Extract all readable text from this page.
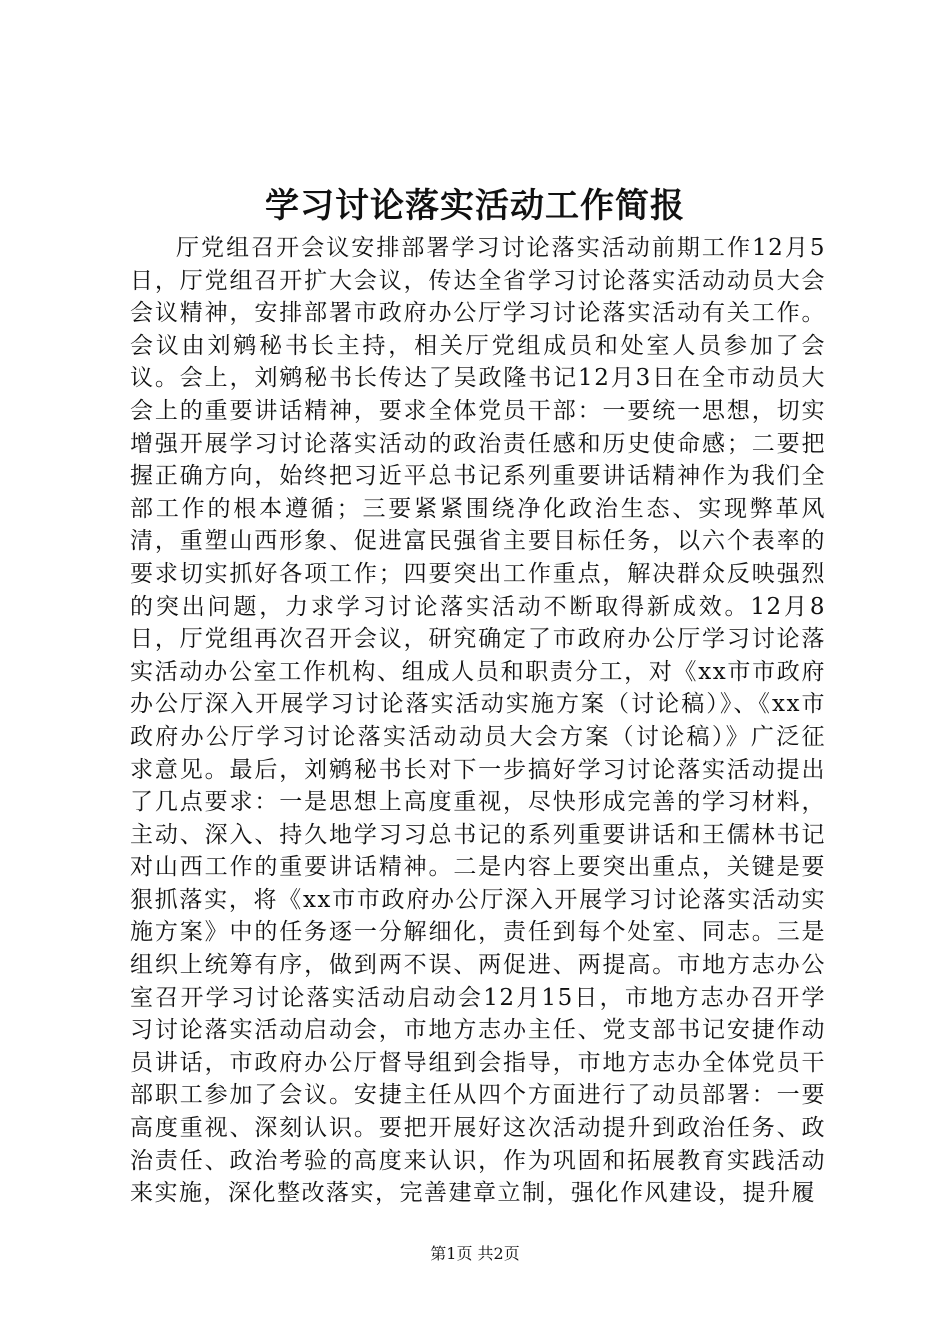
学习讨论落实活动工作简报
厅党组召开会议安排部署学习讨论落实活动前期工作12月5日，厅党组召开扩大会议，传达全省学习讨论落实活动动员大会会议精神，安排部署市政府办公厅学习讨论落实活动有关工作。会议由刘鹓秘书长主持，相关厅党组成员和处室人员参加了会议。会上，刘鹓秘书长传达了吴政隆书记12月3日在全市动员大会上的重要讲话精神，要求全体党员干部：一要统一思想，切实增强开展学习讨论落实活动的政治责任感和历史使命感；二要把握正确方向，始终把习近平总书记系列重要讲话精神作为我们全部工作的根本遵循；三要紧紧围绕净化政治生态、实现弊革风清，重塑山西形象、促进富民强省主要目标任务，以六个表率的要求切实抓好各项工作；四要突出工作重点，解决群众反映强烈的突出问题，力求学习讨论落实活动不断取得新成效。12月8日，厅党组再次召开会议，研究确定了市政府办公厅学习讨论落实活动办公室工作机构、组成人员和职责分工，对《xx市市政府办公厅深入开展学习讨论落实活动实施方案（讨论稿）》、《xx市政府办公厅学习讨论落实活动动员大会方案（讨论稿）》广泛征求意见。最后，刘鹓秘书长对下一步搞好学习讨论落实活动提出了几点要求：一是思想上高度重视，尽快形成完善的学习材料，主动、深入、持久地学习习总书记的系列重要讲话和王儒林书记对山西工作的重要讲话精神。二是内容上要突出重点，关键是要狠抓落实，将《xx市市政府办公厅深入开展学习讨论落实活动实施方案》中的任务逐一分解细化，责任到每个处室、同志。三是组织上统筹有序，做到两不误、两促进、两提高。市地方志办公室召开学习讨论落实活动启动会12月15日，市地方志办召开学习讨论落实活动启动会，市地方志办主任、党支部书记安捷作动员讲话，市政府办公厅督导组到会指导，市地方志办全体党员干部职工参加了会议。安捷主任从四个方面进行了动员部署：一要高度重视、深刻认识。要把开展好这次活动提升到政治任务、政治责任、政治考验的高度来认识，作为巩固和拓展教育实践活动来实施，深化整改落实，完善建章立制，强化作风建设，提升履
第1页 共2页
